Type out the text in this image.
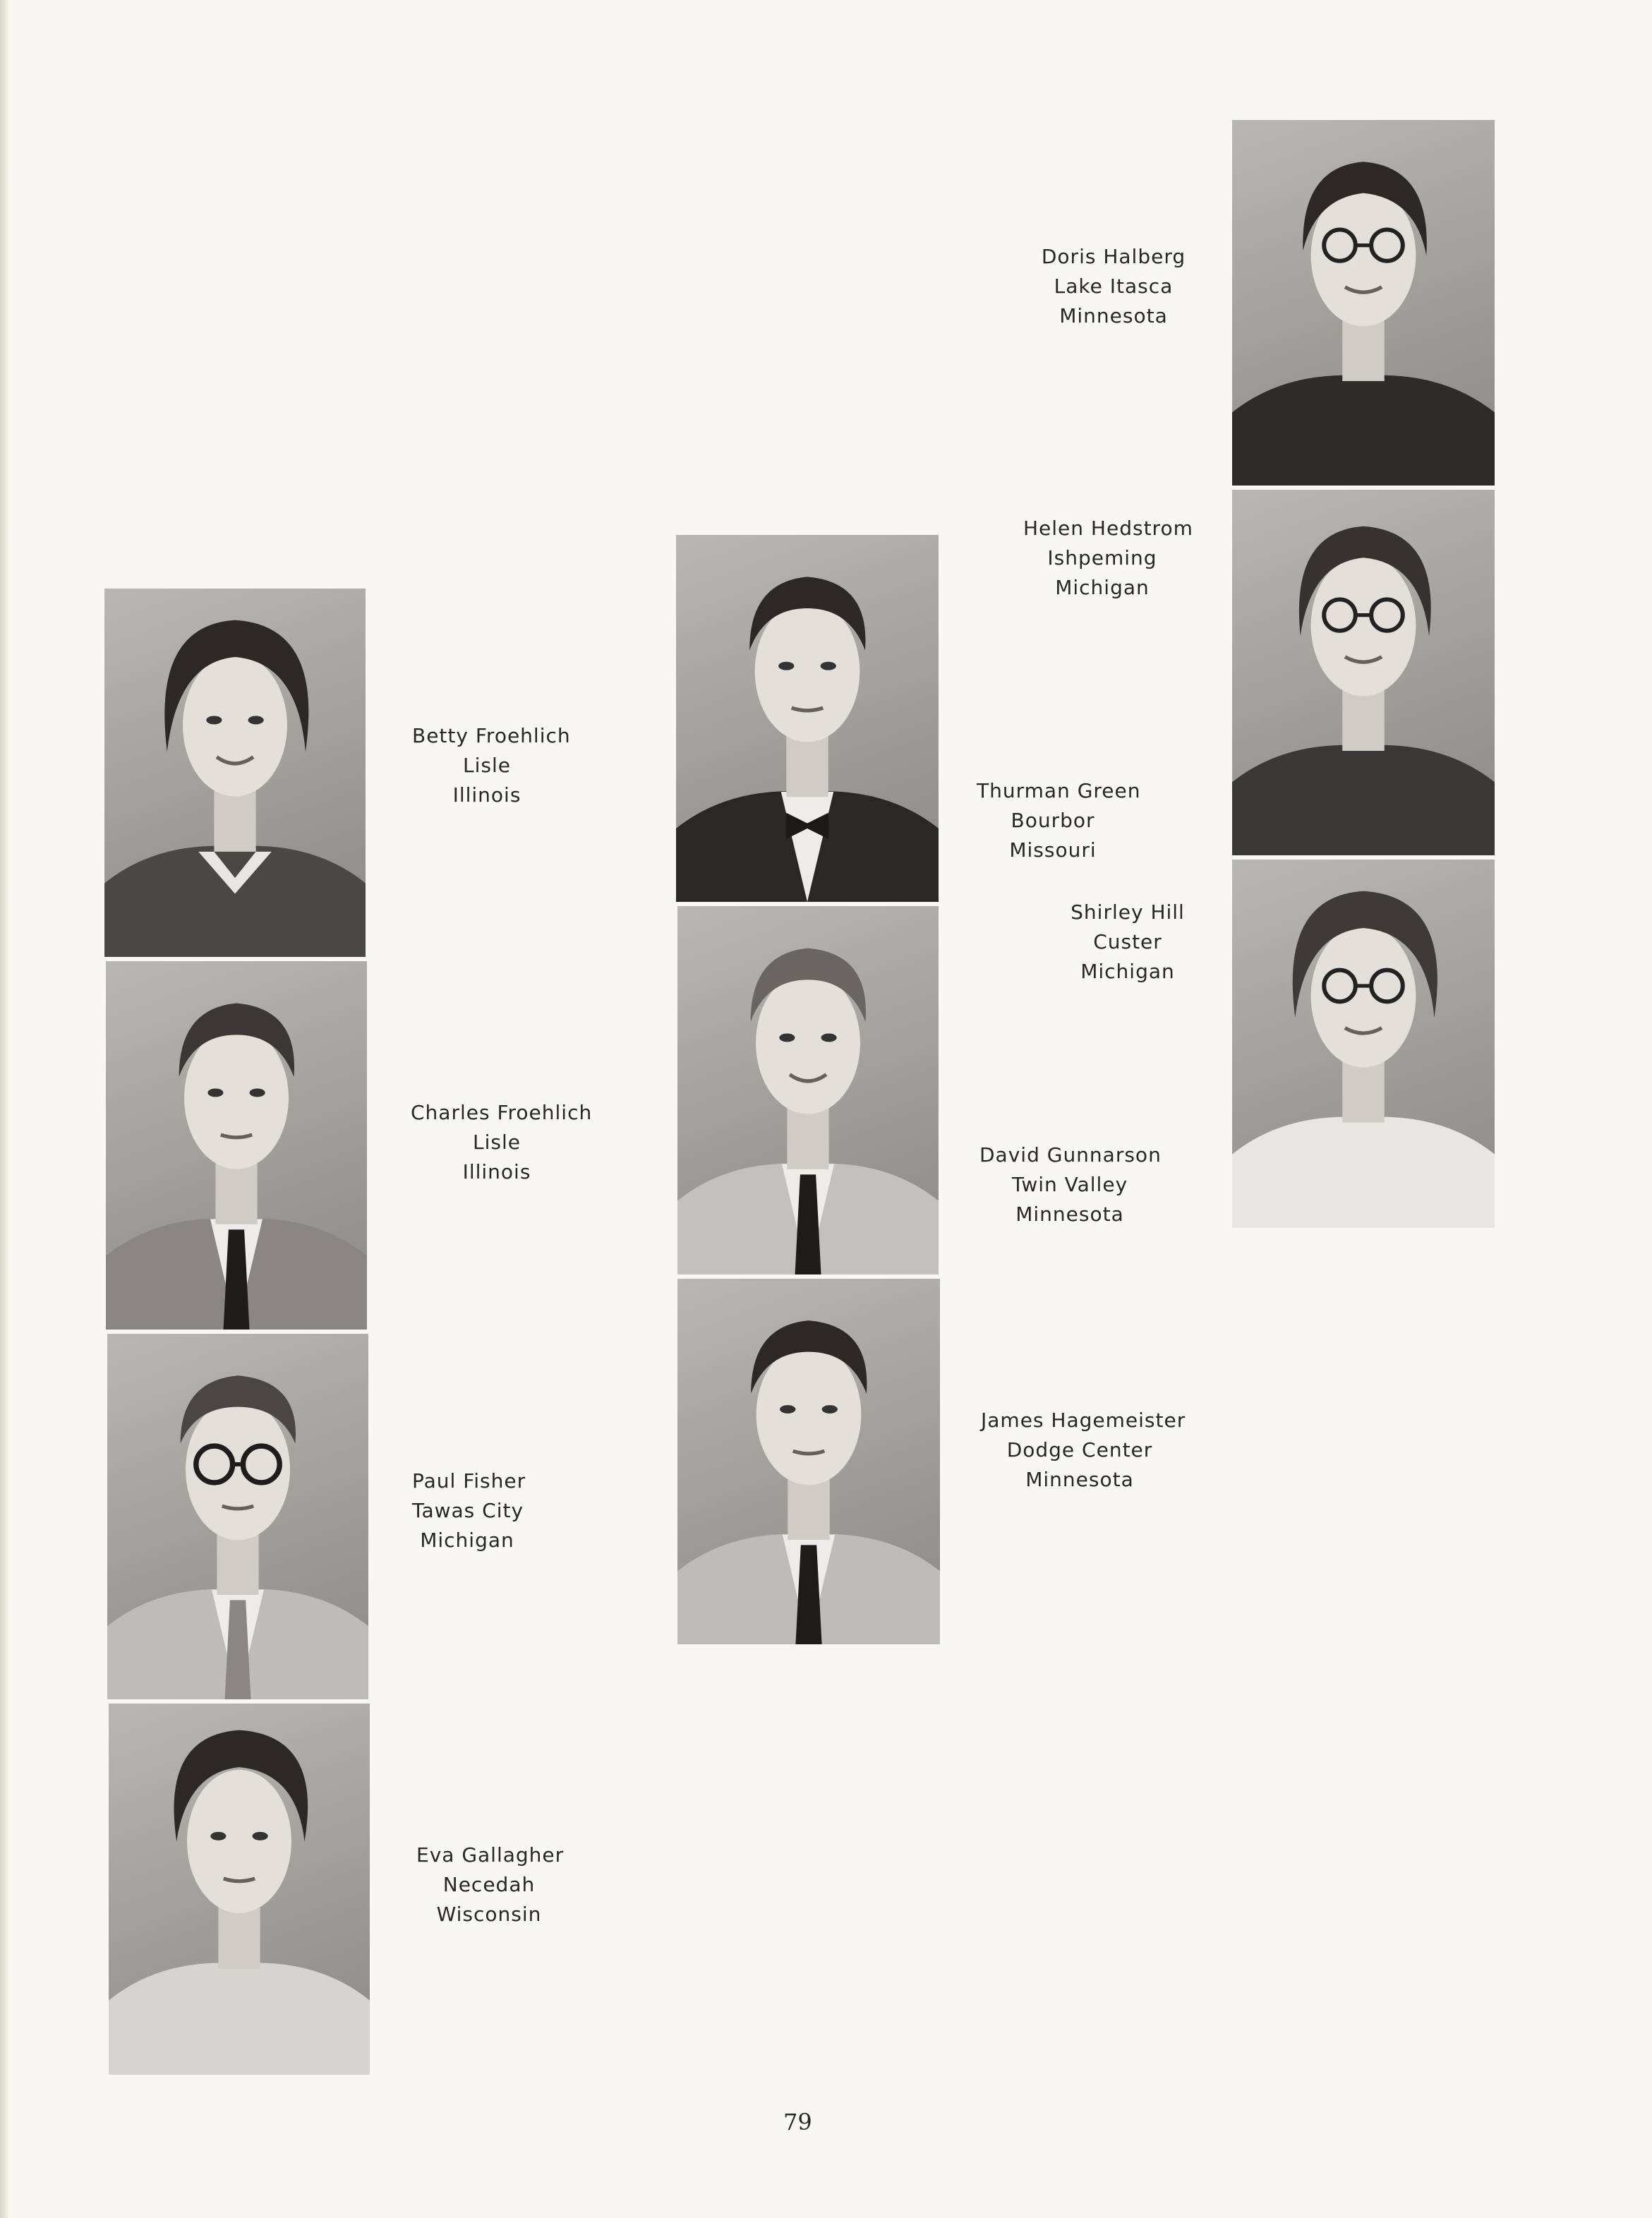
Doris Halberg
Lake Itasca
Minnesota
Helen Hedstrom
Ishpeming
Michigan
Shirley Hill
Custer
Michigan
Thurman Green
Bourbor
Missouri
David Gunnarson
Twin Valley
Minnesota
James Hagemeister
Dodge Center
Minnesota
Betty Froehlich
Lisle
Illinois
Charles Froehlich
Lisle
Illinois
Paul Fisher
Tawas City
Michigan
Eva Gallagher
Necedah
Wisconsin
79
